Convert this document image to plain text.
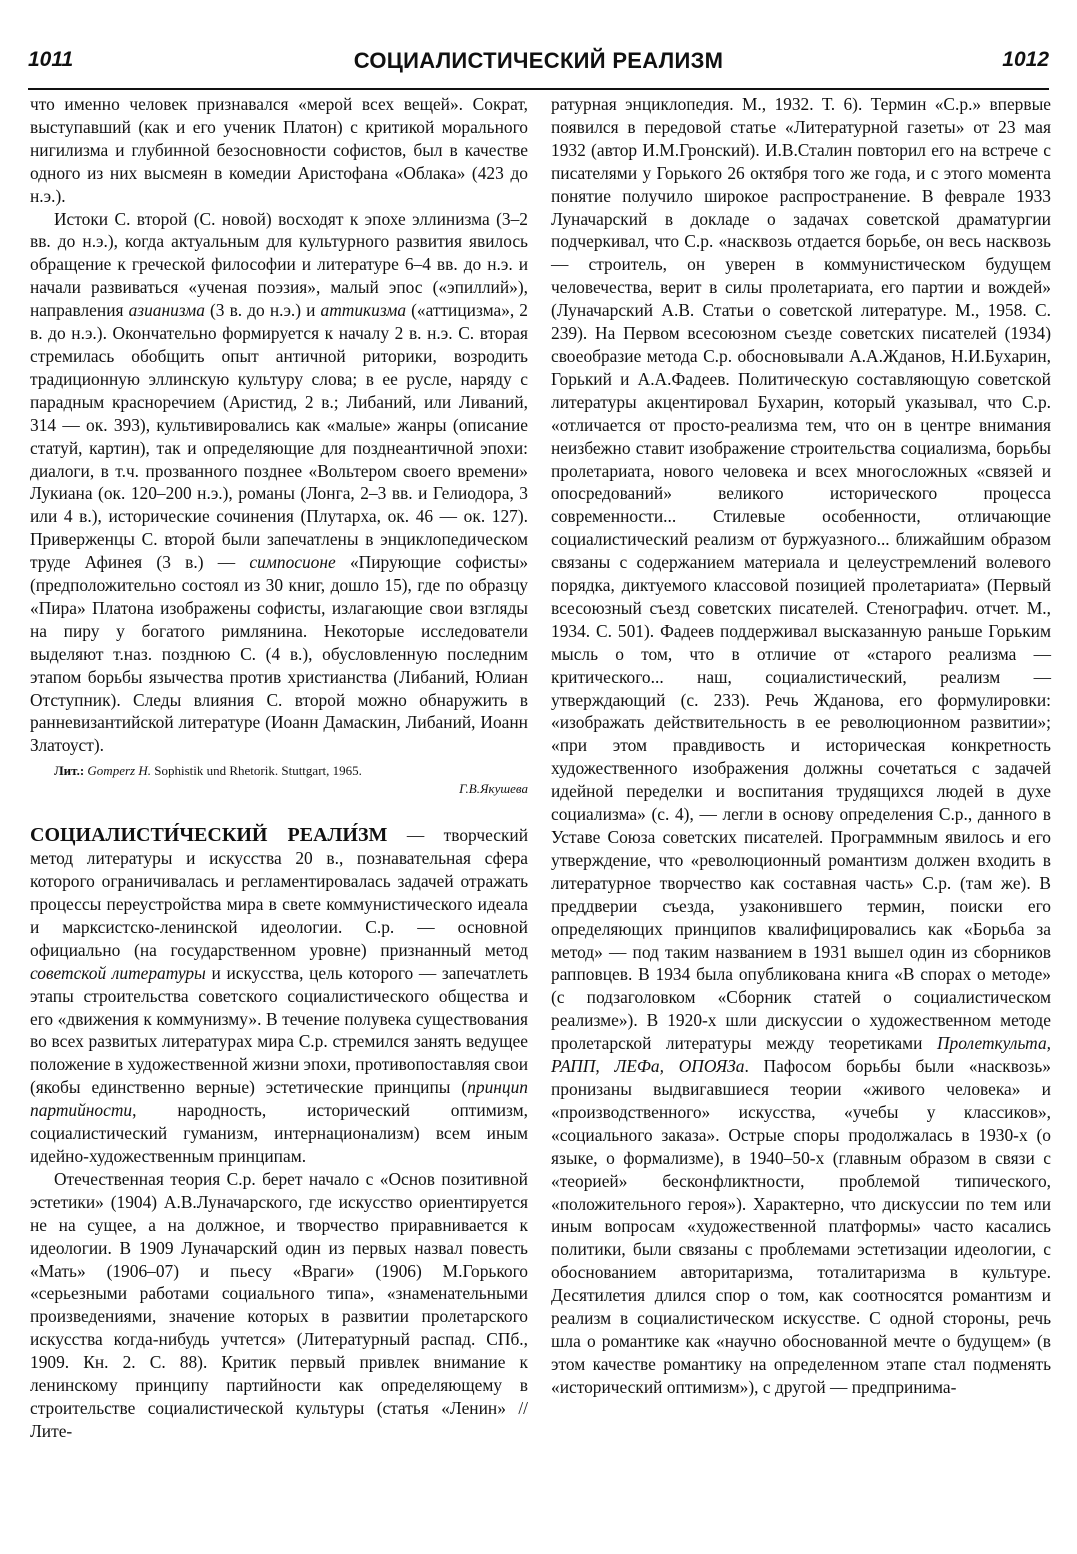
1011	СОЦИАЛИСТИЧЕСКИЙ РЕАЛИЗМ	1012

что именно человек признавался «мерой всех вещей». Сократ, выступавший (как и его ученик Платон) с критикой морального нигилизма и глубинной безосновности софистов, был в качестве одного из них высмеян в комедии Аристофана «Облака» (423 до н.э.).

Истоки С. второй (С. новой) восходят к эпохе эллинизма (3–2 вв. до н.э.), когда актуальным для культурного развития явилось обращение к греческой философии и литературе 6–4 вв. до н.э. и начали развиваться «ученая поэзия», малый эпос («эпиллий»), направления азианизма (3 в. до н.э.) и аттикизма («аттицизма», 2 в. до н.э.). Окончательно формируется к началу 2 в. н.э. С. вторая стремилась обобщить опыт античной риторики, возродить традиционную эллинскую культуру слова; в ее русле, наряду с парадным красноречием (Аристид, 2 в.; Либаний, или Ливаний, 314 — ок. 393), культивировались как «малые» жанры (описание статуй, картин), так и определяющие для позднеантичной эпохи: диалоги, в т.ч. прозванного позднее «Вольтером своего времени» Лукиана (ок. 120–200 н.э.), романы (Лонга, 2–3 вв. и Гелиодора, 3 или 4 в.), исторические сочинения (Плутарха, ок. 46 — ок. 127). Приверженцы С. второй были запечатлены в энциклопедическом труде Афинея (3 в.) — симпосионе «Пирующие софисты» (предположительно состоял из 30 книг, дошло 15), где по образцу «Пира» Платона изображены софисты, излагающие свои взгляды на пиру у богатого римлянина. Некоторые исследователи выделяют т.наз. позднюю С. (4 в.), обусловленную последним этапом борьбы язычества против христианства (Либаний, Юлиан Отступник). Следы влияния С. второй можно обнаружить в ранневизантийской литературе (Иоанн Дамаскин, Либаний, Иоанн Златоуст).

Лит.: Gomperz H. Sophistik und Rhetorik. Stuttgart, 1965.
Г.В.Якушева

СОЦИАЛИСТИ́ЧЕСКИЙ РЕАЛИ́ЗМ — творческий метод литературы и искусства 20 в., познавательная сфера которого ограничивалась и регламентировалась задачей отражать процессы переустройства мира в свете коммунистического идеала и марксистско-ленинской идеологии. С.р. — основной официально (на государственном уровне) признанный метод советской литературы и искусства, цель которого — запечатлеть этапы строительства советского социалистического общества и его «движения к коммунизму». В течение полувека существования во всех развитых литературах мира С.р. стремился занять ведущее положение в художественной жизни эпохи, противопоставляя свои (якобы единственно верные) эстетические принципы (принцип партийности, народность, исторический оптимизм, социалистический гуманизм, интернационализм) всем иным идейно-художественным принципам.

Отечественная теория С.р. берет начало с «Основ позитивной эстетики» (1904) А.В.Луначарского, где искусство ориентируется не на сущее, а на должное, и творчество приравнивается к идеологии. В 1909 Луначарский один из первых назвал повесть «Мать» (1906–07) и пьесу «Враги» (1906) М.Горького «серьезными работами социального типа», «знаменательными произведениями, значение которых в развитии пролетарского искусства когда-нибудь учтется» (Литературный распад. СПб., 1909. Кн. 2. С. 88). Критик первый привлек внимание к ленинскому принципу партийности как определяющему в строительстве социалистической культуры (статья «Ленин» // Лите-

ратурная энциклопедия. М., 1932. Т. 6). Термин «С.р.» впервые появился в передовой статье «Литературной газеты» от 23 мая 1932 (автор И.М.Гронский). И.В.Сталин повторил его на встрече с писателями у Горького 26 октября того же года, и с этого момента понятие получило широкое распространение. В феврале 1933 Луначарский в докладе о задачах советской драматургии подчеркивал, что С.р. «насквозь отдается борьбе, он весь насквозь — строитель, он уверен в коммунистическом будущем человечества, верит в силы пролетариата, его партии и вождей» (Луначарский А.В. Статьи о советской литературе. М., 1958. С. 239). На Первом всесоюзном съезде советских писателей (1934) своеобразие метода С.р. обосновывали А.А.Жданов, Н.И.Бухарин, Горький и А.А.Фадеев. Политическую составляющую советской литературы акцентировал Бухарин, который указывал, что С.р. «отличается от просто-реализма тем, что он в центре внимания неизбежно ставит изображение строительства социализма, борьбы пролетариата, нового человека и всех многосложных «связей и опосредований» великого исторического процесса современности... Стилевые особенности, отличающие социалистический реализм от буржуазного... ближайшим образом связаны с содержанием материала и целеустремлений волевого порядка, диктуемого классовой позицией пролетариата» (Первый всесоюзный съезд советских писателей. Стенографич. отчет. М., 1934. С. 501). Фадеев поддерживал высказанную раньше Горьким мысль о том, что в отличие от «старого реализма — критического... наш, социалистический, реализм — утверждающий (с. 233). Речь Жданова, его формулировки: «изображать действительность в ее революционном развитии»; «при этом правдивость и историческая конкретность художественного изображения должны сочетаться с задачей идейной переделки и воспитания трудящихся людей в духе социализма» (с. 4), — легли в основу определения С.р., данного в Уставе Союза советских писателей. Программным явилось и его утверждение, что «революционный романтизм должен входить в литературное творчество как составная часть» С.р. (там же). В преддверии съезда, узаконившего термин, поиски его определяющих принципов квалифицировались как «Борьба за метод» — под таким названием в 1931 вышел один из сборников рапповцев. В 1934 была опубликована книга «В спорах о методе» (с подзаголовком «Сборник статей о социалистическом реализме»). В 1920-х шли дискуссии о художественном методе пролетарской литературы между теоретиками Пролеткульта, РАПП, ЛЕФа, ОПОЯЗа. Пафосом борьбы были «насквозь» пронизаны выдвигавшиеся теории «живого человека» и «производственного» искусства, «учебы у классиков», «социального заказа». Острые споры продолжалась в 1930-х (о языке, о формализме), в 1940–50-х (главным образом в связи с «теорией» бесконфликтности, проблемой типического, «положительного героя»). Характерно, что дискуссии по тем или иным вопросам «художественной платформы» часто касались политики, были связаны с проблемами эстетизации идеологии, с обоснованием авторитаризма, тоталитаризма в культуре. Десятилетия длился спор о том, как соотносятся романтизм и реализм в социалистическом искусстве. С одной стороны, речь шла о романтике как «научно обоснованной мечте о будущем» (в этом качестве романтику на определенном этапе стал подменять «исторический оптимизм»), с другой — предпринима-
